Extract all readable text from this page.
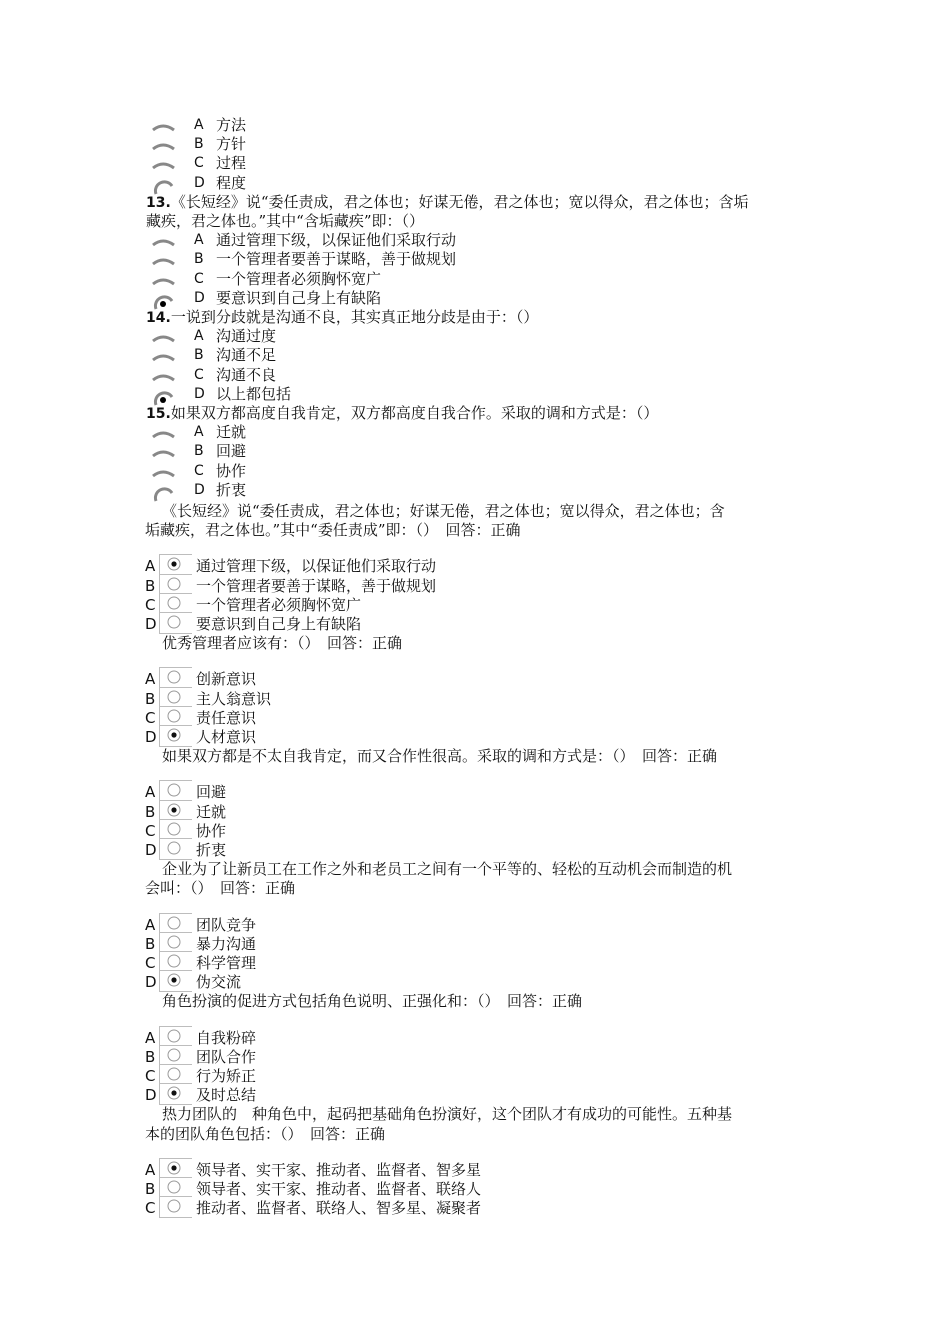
A 方法
B 方针
C 过程
D 程度
13.《长短经》说“委任责成，君之体也；好谋无倦，君之体也；宽以得众，君之体也；含垢
藏疾，君之体也。”其中“含垢藏疾”即：（）
A 通过管理下级，以保证他们采取行动
B 一个管理者要善于谋略，善于做规划
C 一个管理者必须胸怀宽广
D 要意识到自己身上有缺陷
14.一说到分歧就是沟通不良，其实真正地分歧是由于：（）
A 沟通过度
B 沟通不足
C 沟通不良
D 以上都包括
15.如果双方都高度自我肯定，双方都高度自我合作。采取的调和方式是：（）
A 迁就
B 回避
C 协作
D 折衷
《长短经》说“委任责成，君之体也；好谋无倦，君之体也；宽以得众，君之体也；含
垢藏疾，君之体也。”其中“委任责成”即：（）　回答：正确
A	通过管理下级，以保证他们采取行动
B	一个管理者要善于谋略，善于做规划
C	一个管理者必须胸怀宽广
D	要意识到自己身上有缺陷
优秀管理者应该有：（）　回答：正确
A	创新意识
B	主人翁意识
C	责任意识
D	人材意识
如果双方都是不太自我肯定，而又合作性很高。采取的调和方式是：（）　回答：正确
A	回避
B	迁就
C	协作
D	折衷
企业为了让新员工在工作之外和老员工之间有一个平等的、轻松的互动机会而制造的机
会叫：（）　回答：正确
A	团队竞争
B	暴力沟通
C	科学管理
D	伪交流
角色扮演的促进方式包括角色说明、正强化和：（）　回答：正确
A	自我粉碎
B	团队合作
C	行为矫正
D	及时总结
热力团队的　种角色中，起码把基础角色扮演好，这个团队才有成功的可能性。五种基
本的团队角色包括：（）　回答：正确
A	领导者、实干家、推动者、监督者、智多星
B	领导者、实干家、推动者、监督者、联络人
C	推动者、监督者、联络人、智多星、凝聚者
